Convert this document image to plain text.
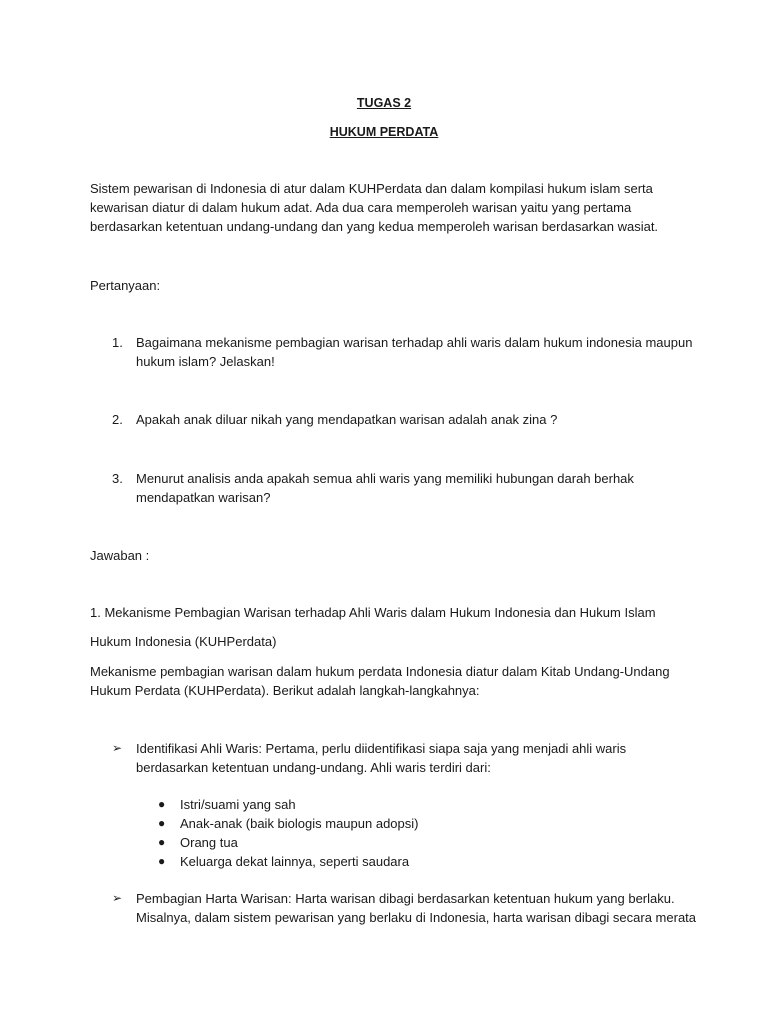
TUGAS 2
HUKUM PERDATA
Sistem pewarisan di Indonesia di atur dalam KUHPerdata dan dalam kompilasi hukum islam serta kewarisan diatur di dalam hukum adat. Ada dua cara memperoleh warisan yaitu yang pertama berdasarkan ketentuan undang-undang dan yang kedua memperoleh warisan berdasarkan wasiat.
Pertanyaan:
1. Bagaimana mekanisme pembagian warisan terhadap ahli waris dalam hukum indonesia maupun hukum islam? Jelaskan!
2. Apakah anak diluar nikah yang mendapatkan warisan adalah anak zina ?
3. Menurut analisis anda apakah semua ahli waris yang memiliki hubungan darah berhak mendapatkan warisan?
Jawaban :
1. Mekanisme Pembagian Warisan terhadap Ahli Waris dalam Hukum Indonesia dan Hukum Islam
Hukum Indonesia (KUHPerdata)
Mekanisme pembagian warisan dalam hukum perdata Indonesia diatur dalam Kitab Undang-Undang Hukum Perdata (KUHPerdata). Berikut adalah langkah-langkahnya:
➢ Identifikasi Ahli Waris: Pertama, perlu diidentifikasi siapa saja yang menjadi ahli waris berdasarkan ketentuan undang-undang. Ahli waris terdiri dari:
● Istri/suami yang sah
● Anak-anak (baik biologis maupun adopsi)
● Orang tua
● Keluarga dekat lainnya, seperti saudara
➢ Pembagian Harta Warisan: Harta warisan dibagi berdasarkan ketentuan hukum yang berlaku. Misalnya, dalam sistem pewarisan yang berlaku di Indonesia, harta warisan dibagi secara merata
